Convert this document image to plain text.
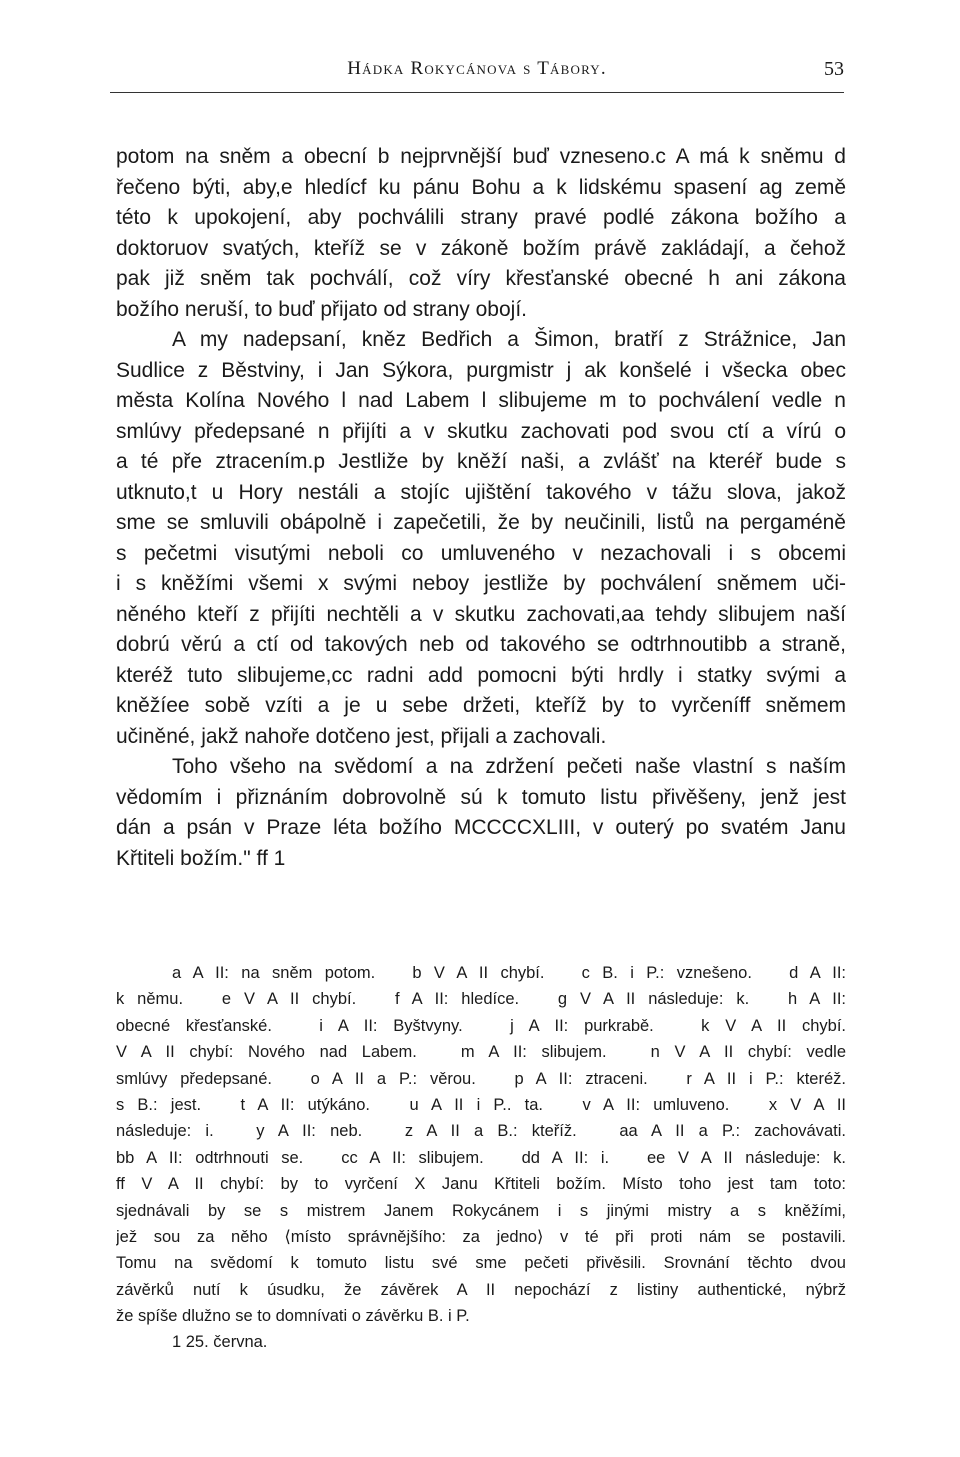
Hádka Rokycánova s Tábory.	53
potom na sněm a obecní b nejprvnější buď vzneseno.c A má k sněmu d
řečeno býti, aby,e hledícf ku pánu Bohu a k lidskému spasení ag země
této k upokojení, aby pochválili strany pravé podlé zákona božího a
doktoruov svatých, kteříž se v zákoně božím právě zakládají, a čehož
pak již sněm tak pochválí, což víry křesťanské obecné h ani zákona
božího neruší, to buď přijato od strany obojí.
A my nadepsaní, kněz Bedřich a Šimon, bratří z Strážnice, Jan
Sudlice z Běstviny, i Jan Sýkora, purgmistr j ak konšelé i všecka obec
města Kolína Nového l nad Labem l slibujeme m to pochválení vedle n
smlúvy předepsané n přijíti a v skutku zachovati pod svou ctí a vírú o
a té pře ztracením.p Jestliže by kněží naši, a zvlášť na kteréř bude s
utknuto,t u Hory nestáli a stojíc ujištění takového v tážu slova, jakož
sme se smluvili obápolně i zapečetili, že by neučinili, listů na pergaméně
s pečetmi visutými neboli co umluveného v nezachovali i s obcemi
i s kněžími všemi x svými neboy jestliže by pochválení sněmem uči-
něného kteří z přijíti nechtěli a v skutku zachovati,aa tehdy slibujem naší
dobrú věrú a ctí od takových neb od takového se odtrhnoutibb a straně,
kteréž tuto slibujeme,cc radni add pomocni býti hrdly i statky svými a
kněžíee sobě vzíti a je u sebe držeti, kteříž by to vyrčeníff sněmem
učiněné, jakž nahoře dotčeno jest, přijali a zachovali.
Toho všeho na svědomí a na zdržení pečeti naše vlastní s naším
vědomím i přiznáním dobrovolně sú k tomuto listu přivěšeny, jenž jest
dán a psán v Praze léta božího MCCCCXLIII, v outerý po svatém Janu
Křtiteli božím." ff 1
a A II: na sněm potom.   b V A II chybí.   c B. i P.: vznešeno.   d A II:
k němu.   e V A II chybí.   f A II: hledíce.   g V A II následuje: k.   h A II:
obecné křesťanské.   i A II: Byštvyny.   j A II: purkrabě.   k V A II chybí.
V A II chybí: Nového nad Labem.   m A II: slibujem.   n V A II chybí: vedle
smlúvy předepsané.   o A II a P.: věrou.   p A II: ztraceni.   r A II i P.: kteréž.
s B.: jest.   t A II: utýkáno.   u A II i P.. ta.   v A II: umluveno.   x V A II
následuje: i.   y A II: neb.   z A II a B.: kteříž.   aa A II a P.: zachovávati.
bb A II: odtrhnouti se.   cc A II: slibujem.   dd A II: i.   ee V A II následuje: k.
ff V A II chybí: by to vyrčení X Janu Křtiteli božím. Místo toho jest tam toto:
sjednávali by se s mistrem Janem Rokycánem i s jinými mistry a s kněžími,
jež sou za něho ⟨místo správnějšího: za jedno⟩ v té při proti nám se postavili.
Tomu na svědomí k tomuto listu své sme pečeti přivěsili. Srovnání těchto dvou
závěrků nutí k úsudku, že závěrek A II nepochází z listiny authentické, nýbrž
že spíše dlužno se to domnívati o závěrku B. i P.
1 25. června.
